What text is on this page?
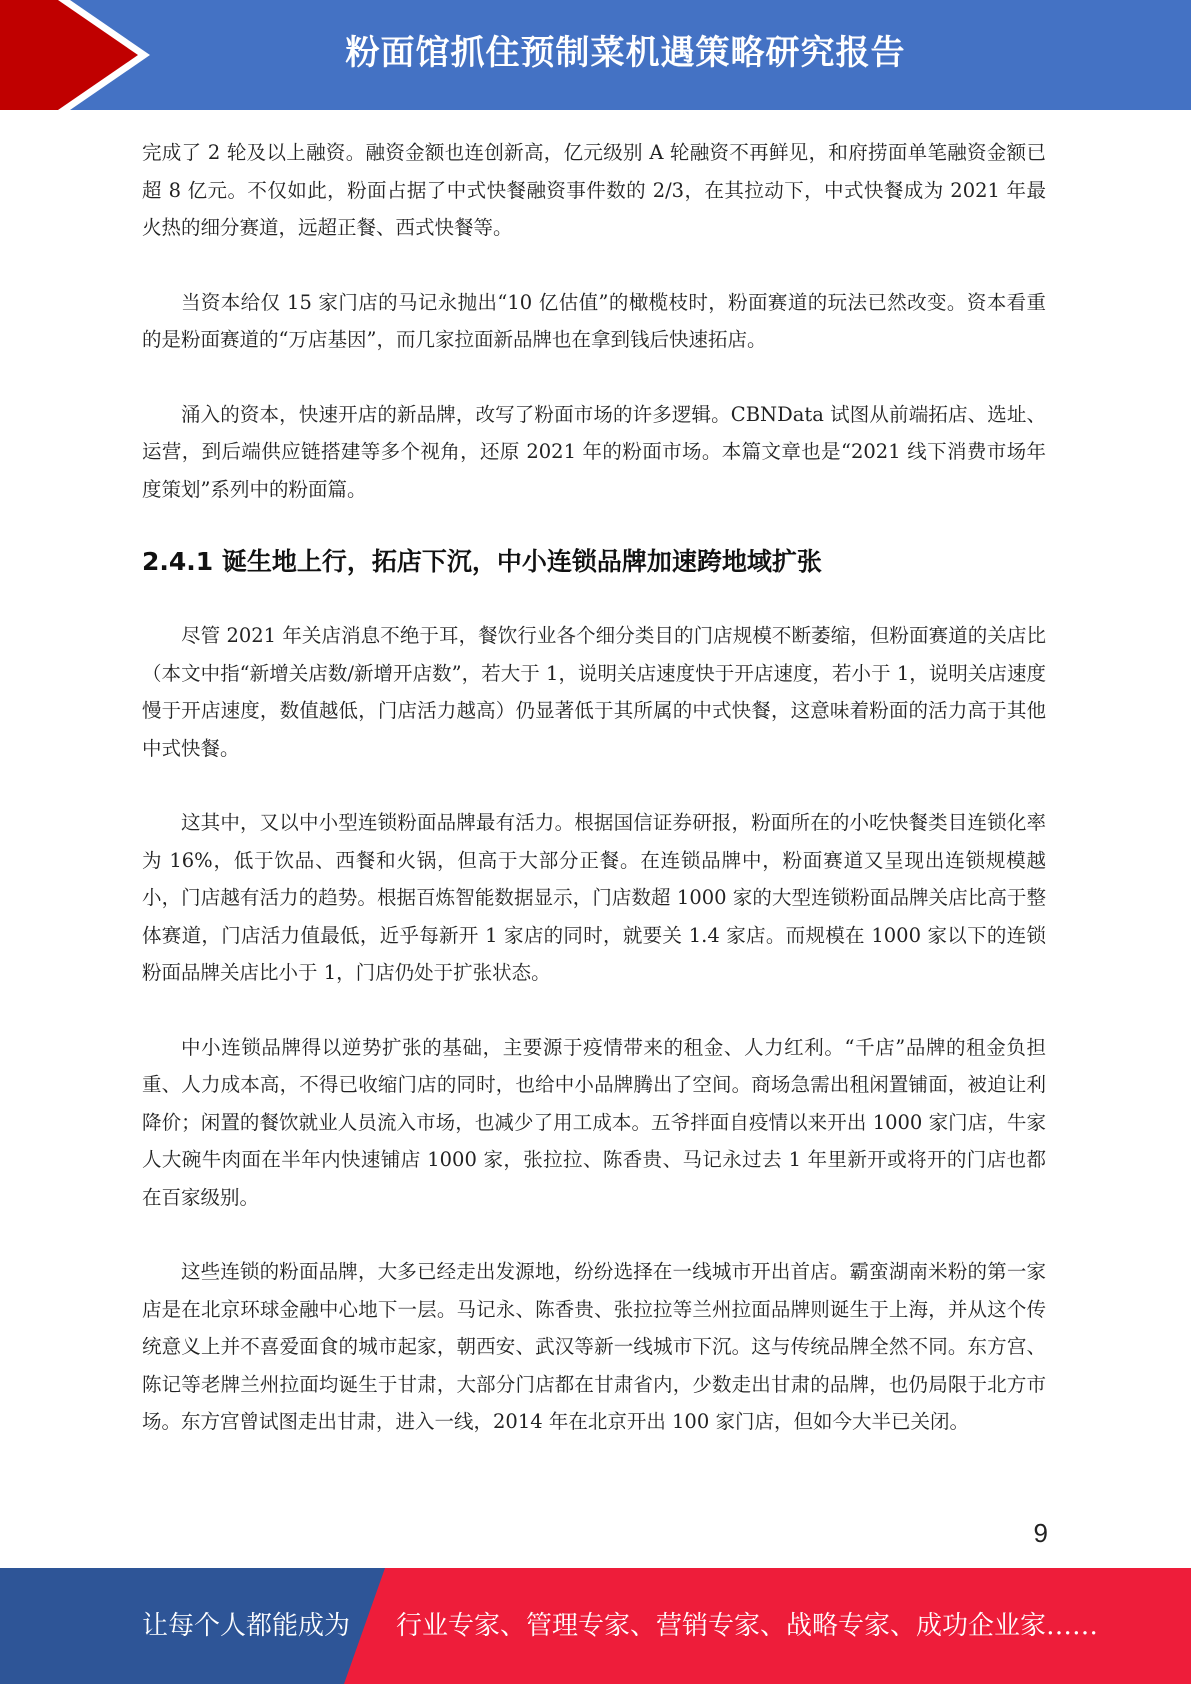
粉面馆抓住预制菜机遇策略研究报告

完成了 2 轮及以上融资。融资金额也连创新高，亿元级别 A 轮融资不再鲜见，和府捞面单笔融资金额已超 8 亿元。不仅如此，粉面占据了中式快餐融资事件数的 2/3，在其拉动下，中式快餐成为 2021 年最火热的细分赛道，远超正餐、西式快餐等。

当资本给仅 15 家门店的马记永抛出“10 亿估值”的橄榄枝时，粉面赛道的玩法已然改变。资本看重的是粉面赛道的“万店基因”，而几家拉面新品牌也在拿到钱后快速拓店。

涌入的资本，快速开店的新品牌，改写了粉面市场的许多逻辑。CBNData 试图从前端拓店、选址、运营，到后端供应链搭建等多个视角，还原 2021 年的粉面市场。本篇文章也是“2021 线下消费市场年度策划”系列中的粉面篇。

2.4.1 诞生地上行，拓店下沉，中小连锁品牌加速跨地域扩张

尽管 2021 年关店消息不绝于耳，餐饮行业各个细分类目的门店规模不断萎缩，但粉面赛道的关店比（本文中指“新增关店数/新增开店数”，若大于 1，说明关店速度快于开店速度，若小于 1，说明关店速度慢于开店速度，数值越低，门店活力越高）仍显著低于其所属的中式快餐，这意味着粉面的活力高于其他中式快餐。

这其中，又以中小型连锁粉面品牌最有活力。根据国信证券研报，粉面所在的小吃快餐类目连锁化率为 16%，低于饮品、西餐和火锅，但高于大部分正餐。在连锁品牌中，粉面赛道又呈现出连锁规模越小，门店越有活力的趋势。根据百炼智能数据显示，门店数超 1000 家的大型连锁粉面品牌关店比高于整体赛道，门店活力值最低，近乎每新开 1 家店的同时，就要关 1.4 家店。而规模在 1000 家以下的连锁粉面品牌关店比小于 1，门店仍处于扩张状态。

中小连锁品牌得以逆势扩张的基础，主要源于疫情带来的租金、人力红利。“千店”品牌的租金负担重、人力成本高，不得已收缩门店的同时，也给中小品牌腾出了空间。商场急需出租闲置铺面，被迫让利降价；闲置的餐饮就业人员流入市场，也减少了用工成本。五爷拌面自疫情以来开出 1000 家门店，牛家人大碗牛肉面在半年内快速铺店 1000 家，张拉拉、陈香贵、马记永过去 1 年里新开或将开的门店也都在百家级别。

这些连锁的粉面品牌，大多已经走出发源地，纷纷选择在一线城市开出首店。霸蛮湖南米粉的第一家店是在北京环球金融中心地下一层。马记永、陈香贵、张拉拉等兰州拉面品牌则诞生于上海，并从这个传统意义上并不喜爱面食的城市起家，朝西安、武汉等新一线城市下沉。这与传统品牌全然不同。东方宫、陈记等老牌兰州拉面均诞生于甘肃，大部分门店都在甘肃省内，少数走出甘肃的品牌，也仍局限于北方市场。东方宫曾试图走出甘肃，进入一线，2014 年在北京开出 100 家门店，但如今大半已关闭。

9
让每个人都能成为 行业专家、管理专家、营销专家、战略专家、成功企业家……
